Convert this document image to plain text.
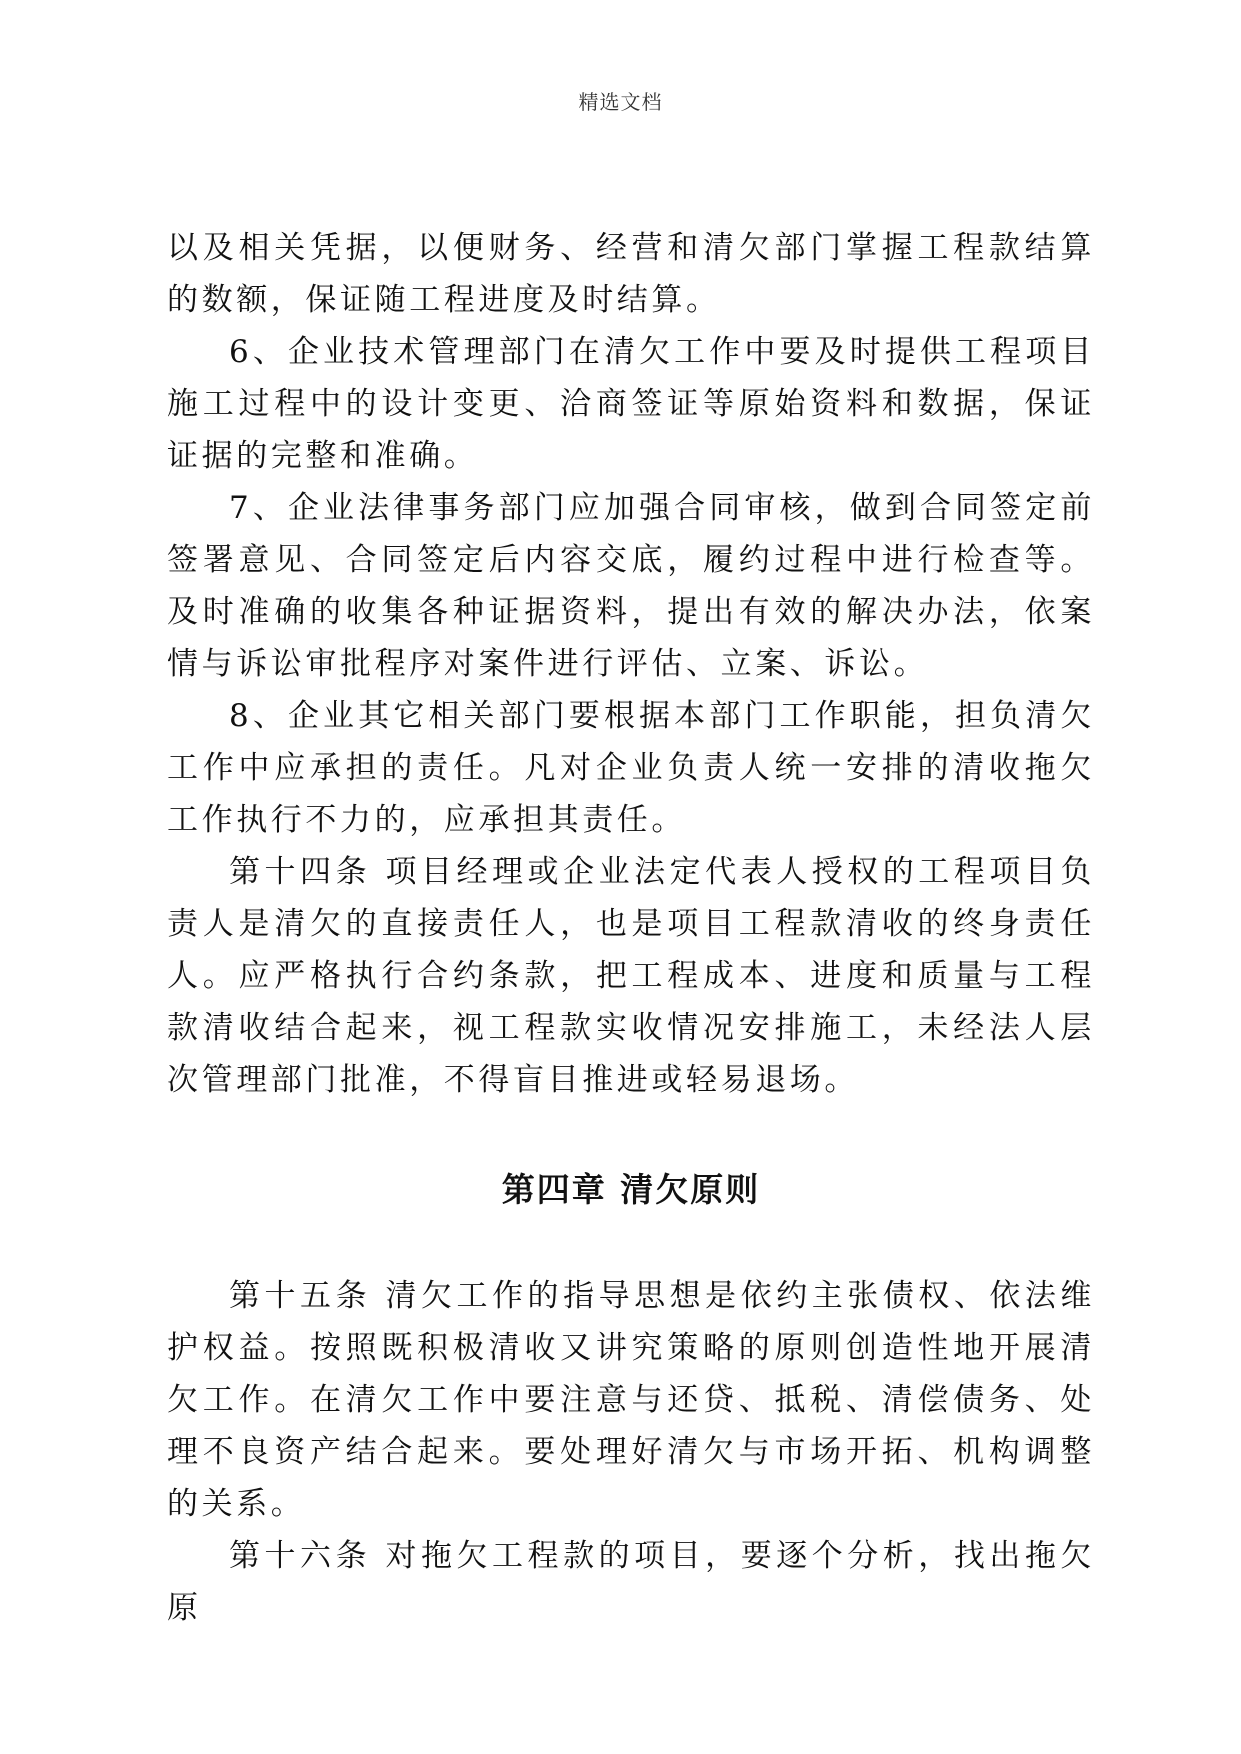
精选文档

以及相关凭据，以便财务、经营和清欠部门掌握工程款结算的数额，保证随工程进度及时结算。

6、企业技术管理部门在清欠工作中要及时提供工程项目施工过程中的设计变更、洽商签证等原始资料和数据，保证证据的完整和准确。

7、企业法律事务部门应加强合同审核，做到合同签定前签署意见、合同签定后内容交底，履约过程中进行检查等。及时准确的收集各种证据资料，提出有效的解决办法，依案情与诉讼审批程序对案件进行评估、立案、诉讼。

8、企业其它相关部门要根据本部门工作职能，担负清欠工作中应承担的责任。凡对企业负责人统一安排的清收拖欠工作执行不力的，应承担其责任。

第十四条 项目经理或企业法定代表人授权的工程项目负责人是清欠的直接责任人，也是项目工程款清收的终身责任人。应严格执行合约条款，把工程成本、进度和质量与工程款清收结合起来，视工程款实收情况安排施工，未经法人层次管理部门批准，不得盲目推进或轻易退场。

第四章 清欠原则

第十五条 清欠工作的指导思想是依约主张债权、依法维护权益。按照既积极清收又讲究策略的原则创造性地开展清欠工作。在清欠工作中要注意与还贷、抵税、清偿债务、处理不良资产结合起来。要处理好清欠与市场开拓、机构调整的关系。

第十六条 对拖欠工程款的项目，要逐个分析，找出拖欠原
